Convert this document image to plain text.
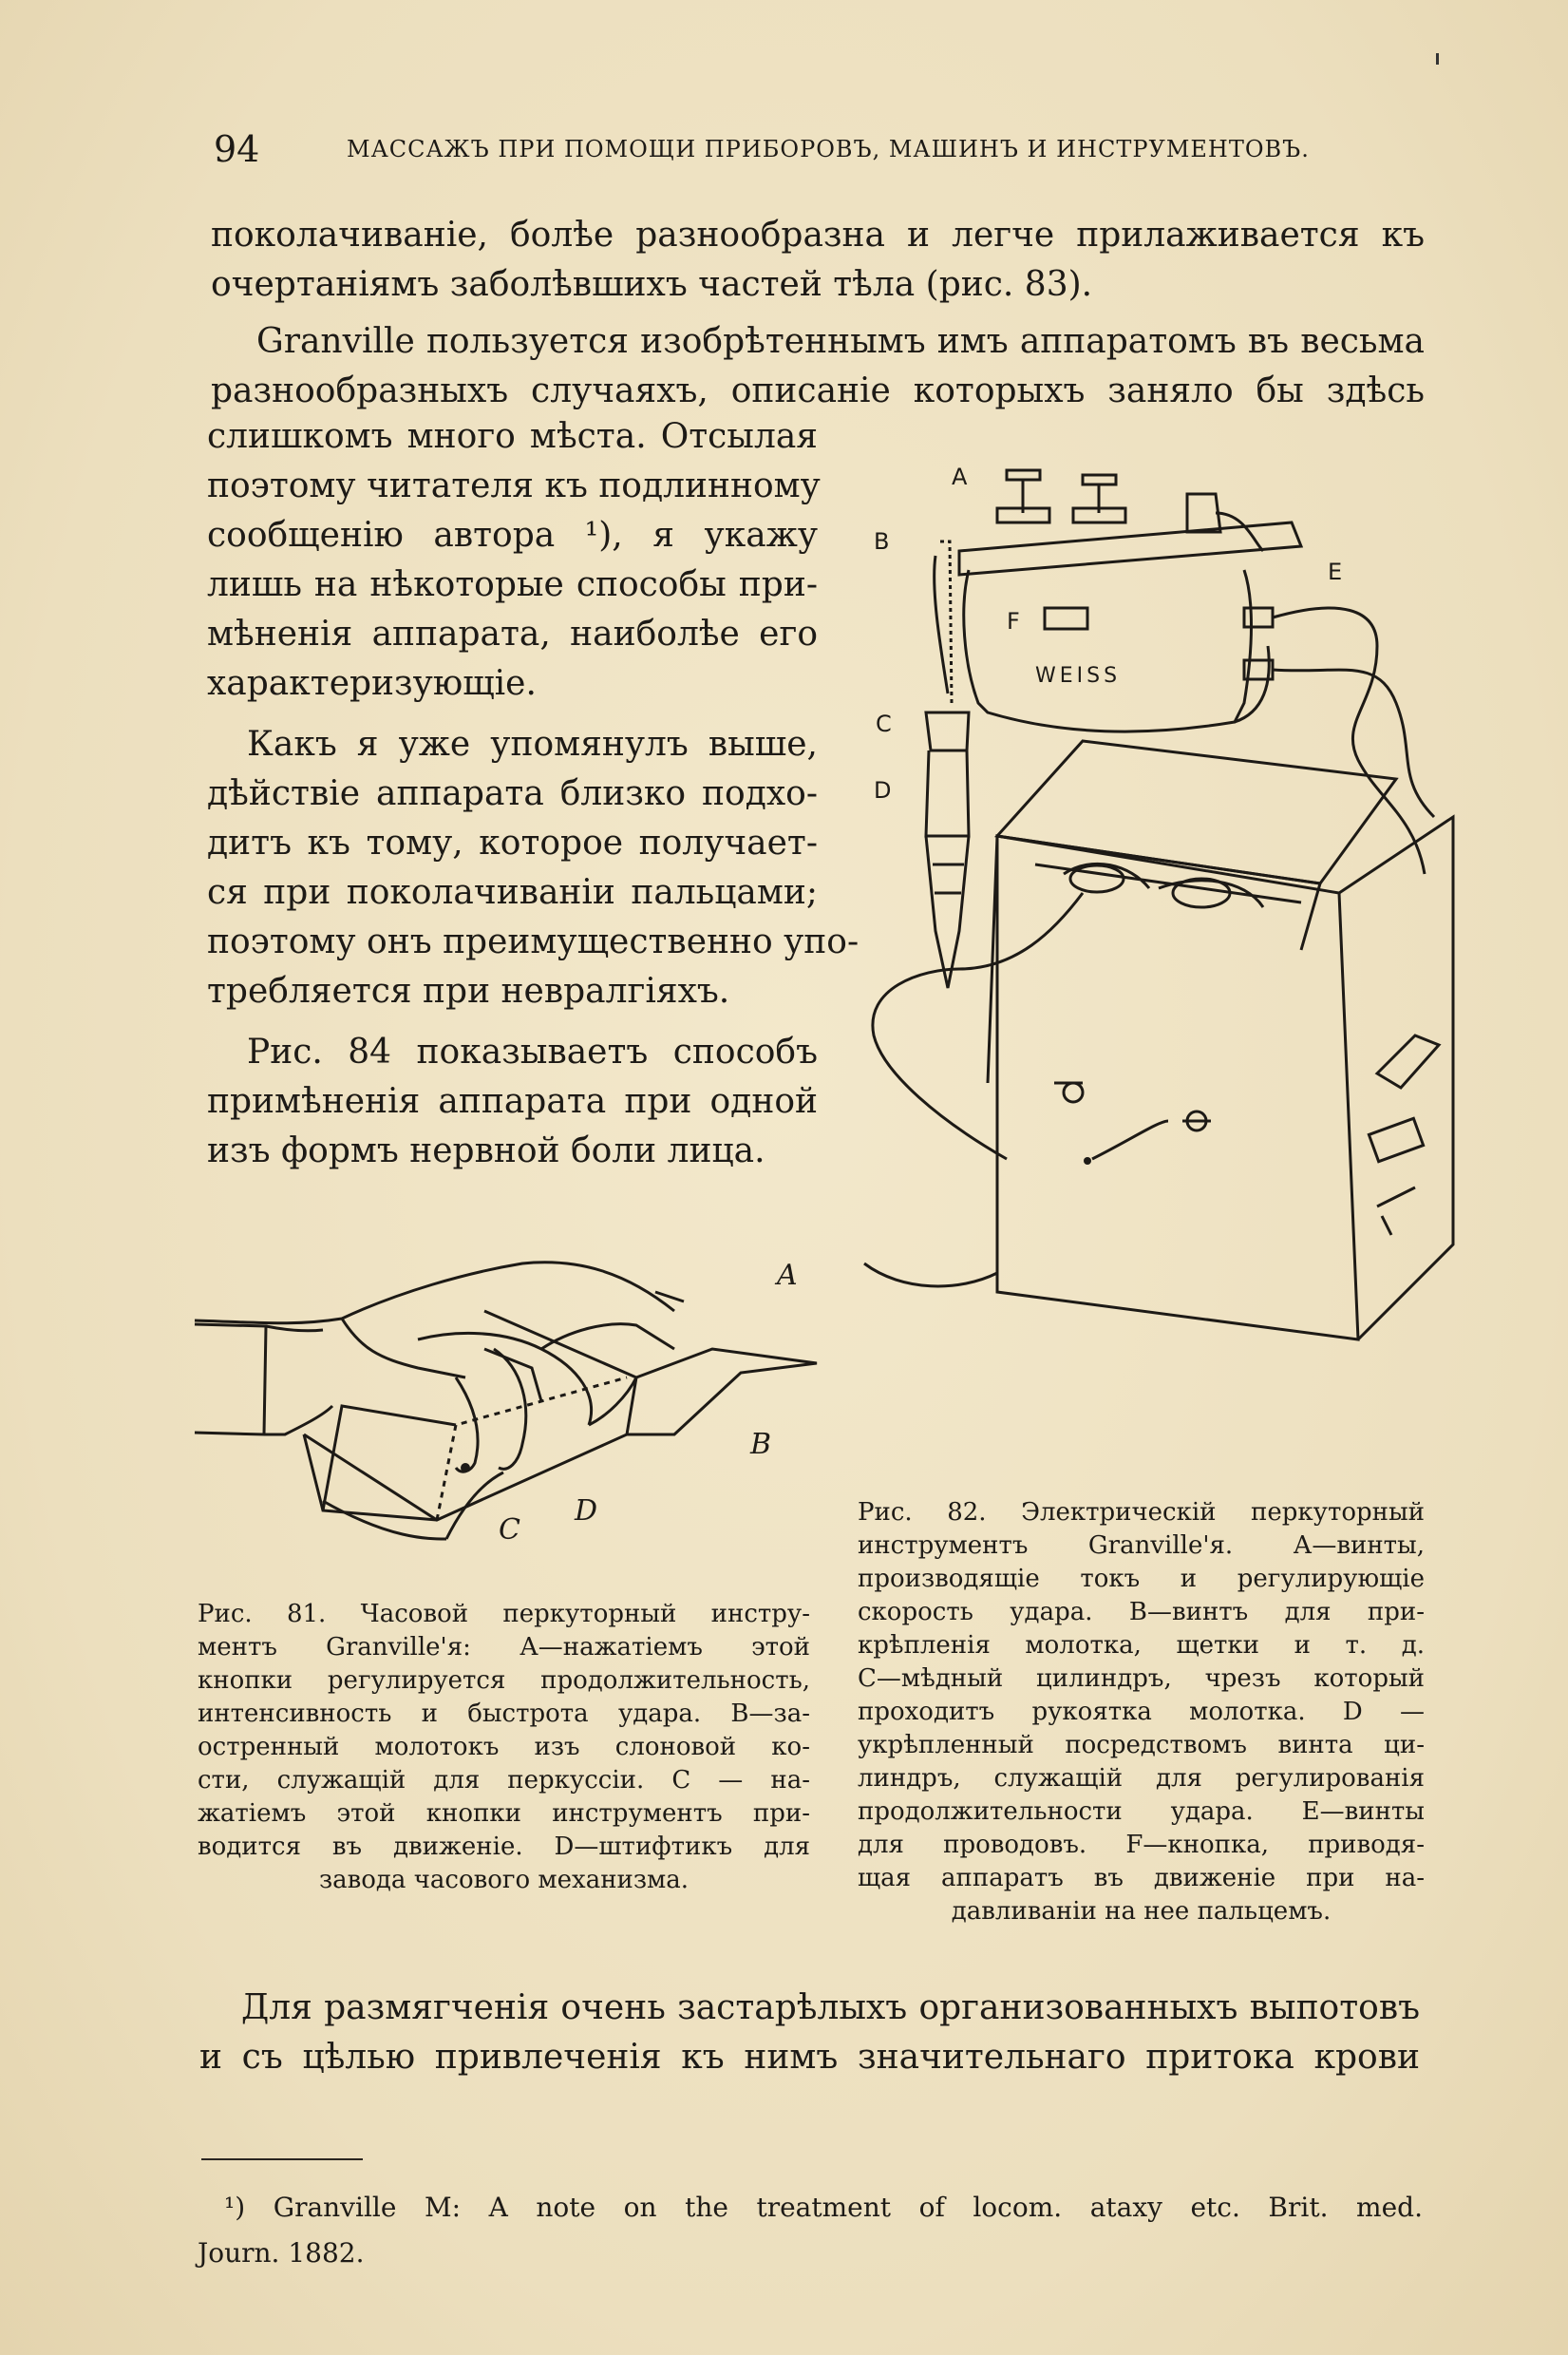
94	МАССАЖЪ ПРИ ПОМОЩИ ПРИБОРОВЪ, МАШИНЪ И ИНСТРУМЕНТОВЪ.
поколачиваніе, болѣе разнообразна и легче прилаживается къ
очертаніямъ заболѣвшихъ частей тѣла (рис. 83).
Granville пользуется изобрѣтеннымъ имъ аппаратомъ въ весьма
разнообразныхъ случаяхъ, описаніе которыхъ заняло бы здѣсь
слишкомъ много мѣста. Отсылая
поэтому читателя къ подлинному
сообщенію автора ¹), я укажу
лишь на нѣкоторые способы при-
мѣненія аппарата, наиболѣе его
характеризующіе.
Какъ я уже упомянулъ выше,
дѣйствіе аппарата близко подхо-
дитъ къ тому, которое получает-
ся при поколачиваніи пальцами;
поэтому онъ преимущественно упо-
требляется при невралгіяхъ.
Рис. 84 показываетъ способъ
примѣненія аппарата при одной
изъ формъ нервной боли лица.
A
B
C
D
Рис. 81. Часовой перкуторный инстру-
ментъ Granville'я: А—нажатіемъ этой
кнопки регулируется продолжительность,
интенсивность и быстрота удара. В—за-
остренный молотокъ изъ слоновой ко-
сти, служащій для перкуссіи. С — на-
жатіемъ этой кнопки инструментъ при-
водится въ движеніе. D—штифтикъ для
завода часового механизма.
A
B
C
D
E
F
WEISS
Рис. 82. Электрическій перкуторный
инструментъ Granville'я. А—винты,
производящіе токъ и регулирующіе
скорость удара. В—винтъ для при-
крѣпленія молотка, щетки и т. д.
С—мѣдный цилиндръ, чрезъ который
проходитъ рукоятка молотка. D —
укрѣпленный посредствомъ винта ци-
линдръ, служащій для регулированія
продолжительности удара. Е—винты
для проводовъ. F—кнопка, приводя-
щая аппаратъ въ движеніе при на-
давливаніи на нее пальцемъ.
Для размягченія очень застарѣлыхъ организованныхъ выпотовъ
и съ цѣлью привлеченія къ нимъ значительнаго притока крови
¹) Granville M: A note on the treatment of locom. ataxy etc. Brit. med.
Journ. 1882.
